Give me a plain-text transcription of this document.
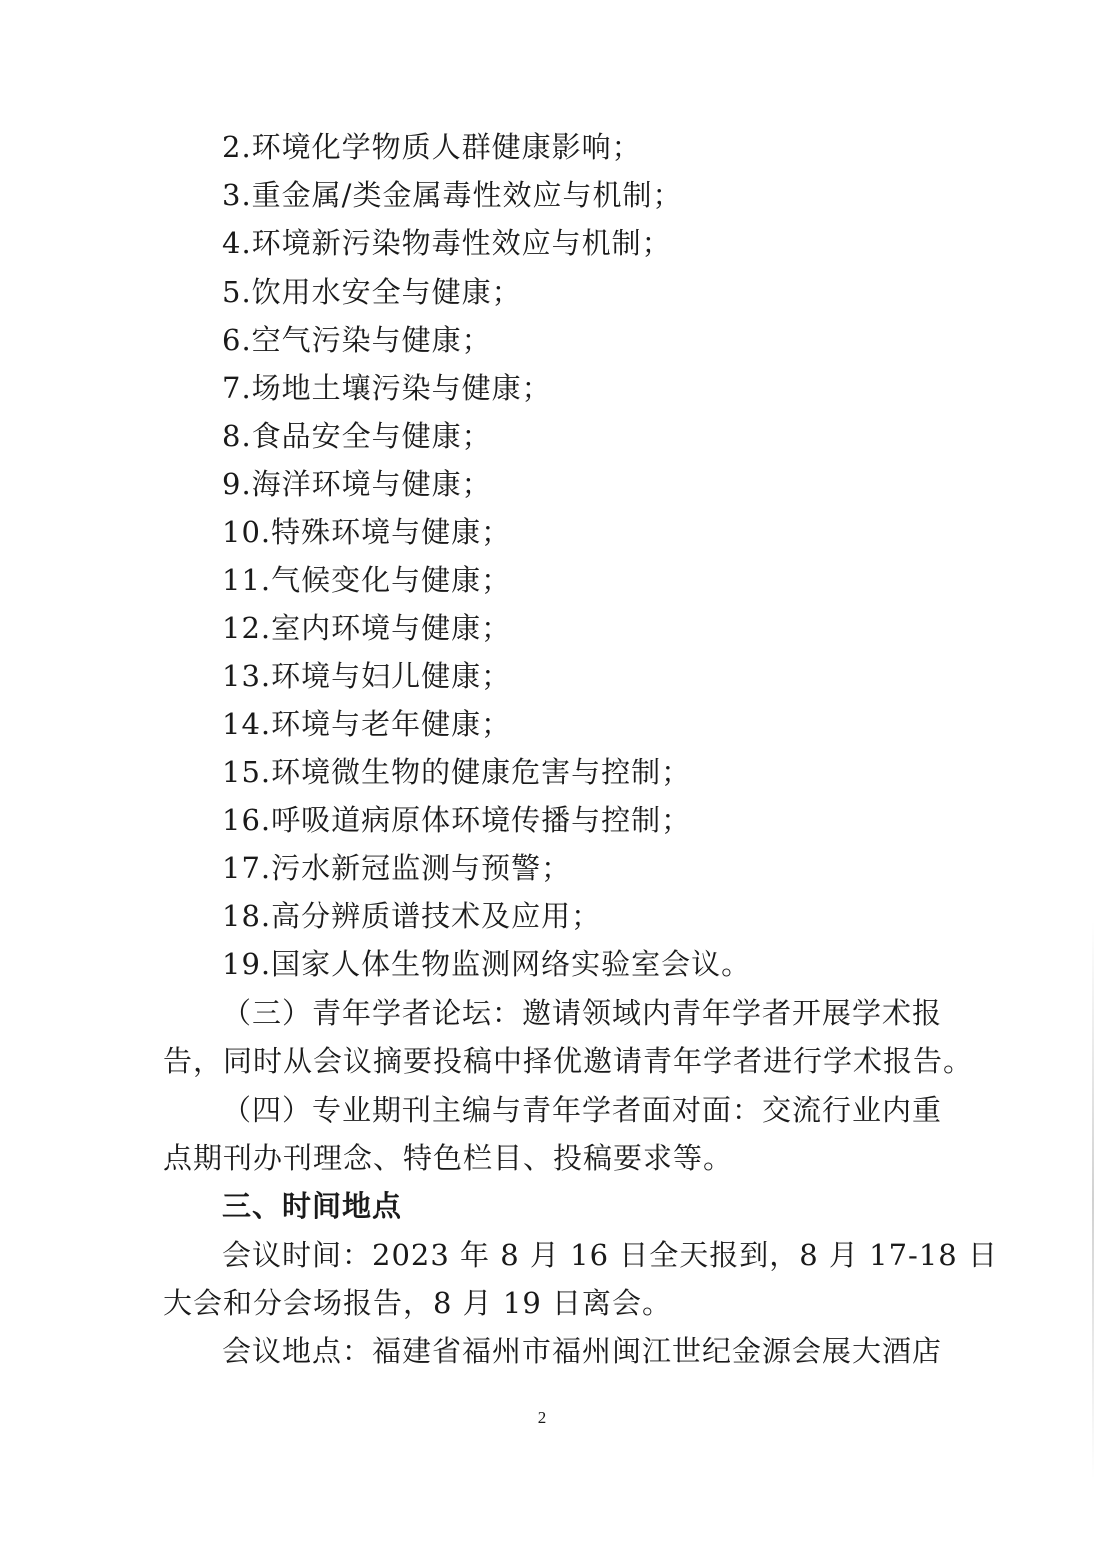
2.环境化学物质人群健康影响；
3.重金属/类金属毒性效应与机制；
4.环境新污染物毒性效应与机制；
5.饮用水安全与健康；
6.空气污染与健康；
7.场地土壤污染与健康；
8.食品安全与健康；
9.海洋环境与健康；
10.特殊环境与健康；
11.气候变化与健康；
12.室内环境与健康；
13.环境与妇儿健康；
14.环境与老年健康；
15.环境微生物的健康危害与控制；
16.呼吸道病原体环境传播与控制；
17.污水新冠监测与预警；
18.高分辨质谱技术及应用；
19.国家人体生物监测网络实验室会议。
（三）青年学者论坛：邀请领域内青年学者开展学术报
告，同时从会议摘要投稿中择优邀请青年学者进行学术报告。
（四）专业期刊主编与青年学者面对面：交流行业内重
点期刊办刊理念、特色栏目、投稿要求等。
三、时间地点
会议时间：2023 年 8 月 16 日全天报到，8 月 17-18 日
大会和分会场报告，8 月 19 日离会。
会议地点：福建省福州市福州闽江世纪金源会展大酒店
2
